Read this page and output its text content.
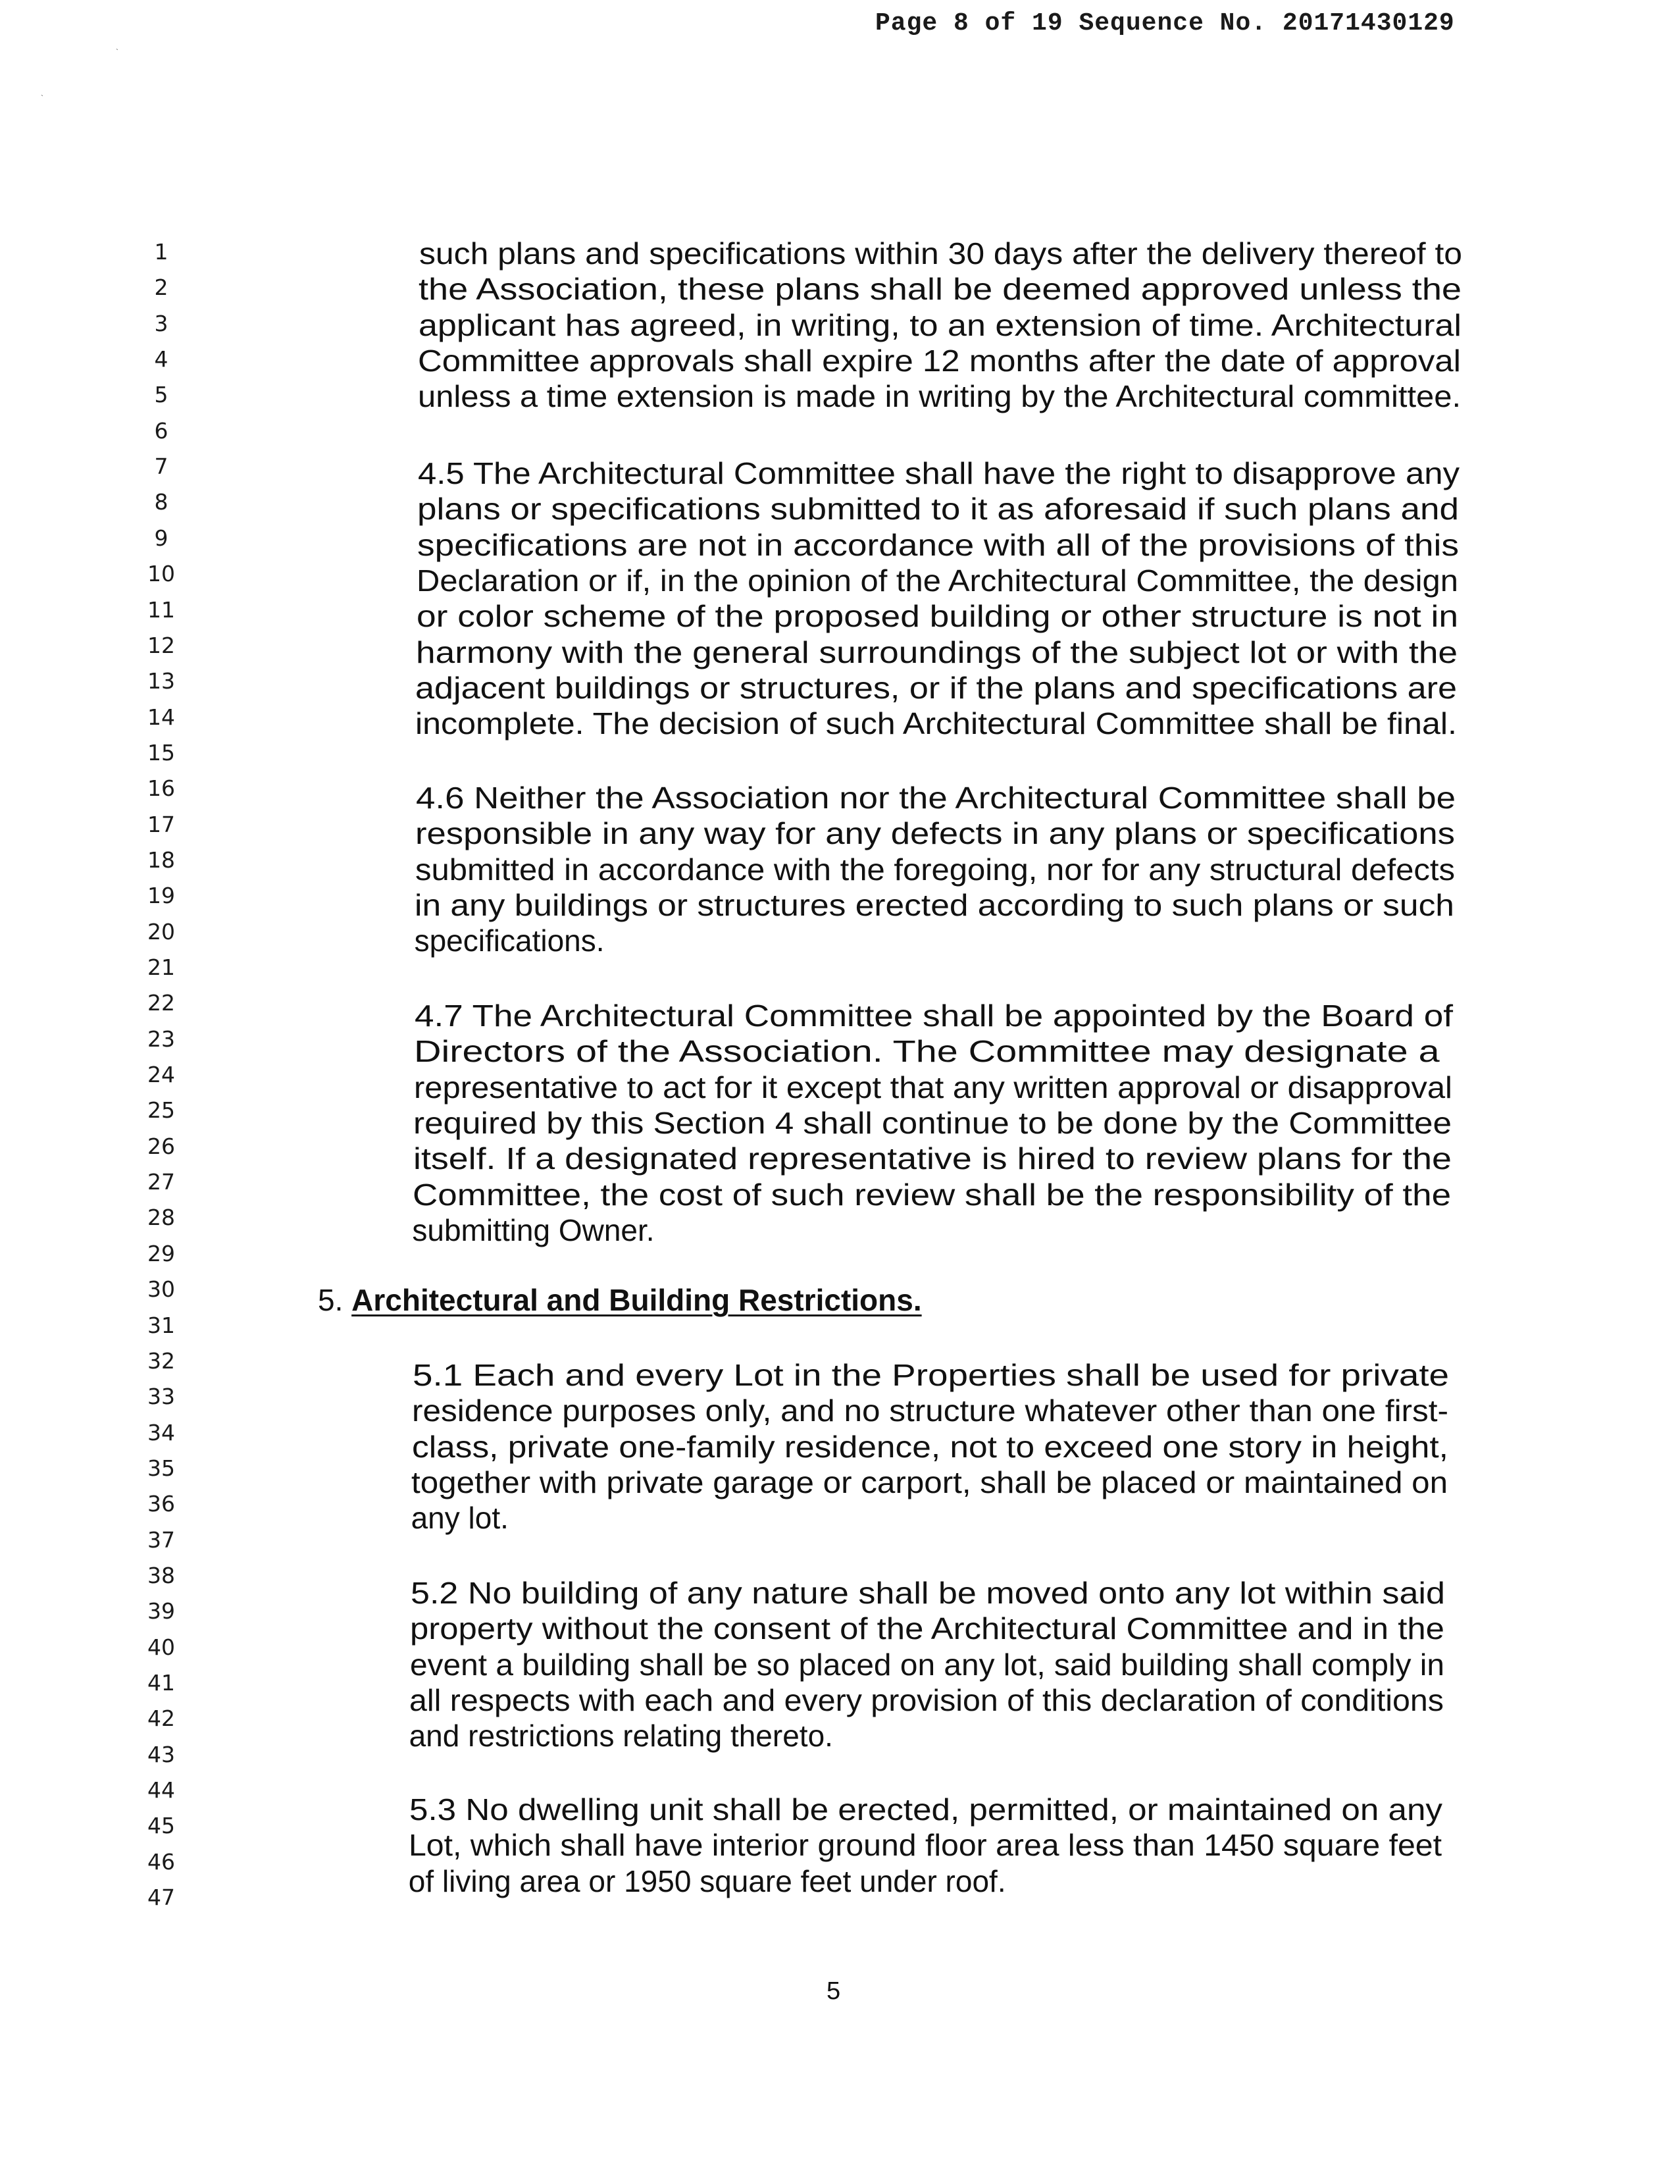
Page 8 of 19 Sequence No. 20171430129
`
`
1
2
3
4
5
6
7
8
9
10
11
12
13
14
15
16
17
18
19
20
21
22
23
24
25
26
27
28
29
30
31
32
33
34
35
36
37
38
39
40
41
42
43
44
45
46
47
such plans and specifications within 30 days after the delivery thereof to
the Association, these plans shall be deemed approved unless the
applicant has agreed, in writing, to an extension of time. Architectural
Committee approvals shall expire 12 months after the date of approval
unless a time extension is made in writing by the Architectural committee.
4.5 The Architectural Committee shall have the right to disapprove any
plans or specifications submitted to it as aforesaid if such plans and
specifications are not in accordance with all of the provisions of this
Declaration or if, in the opinion of the Architectural Committee, the design
or color scheme of the proposed building or other structure is not in
harmony with the general surroundings of the subject lot or with the
adjacent buildings or structures, or if the plans and specifications are
incomplete. The decision of such Architectural Committee shall be final.
4.6 Neither the Association nor the Architectural Committee shall be
responsible in any way for any defects in any plans or specifications
submitted in accordance with the foregoing, nor for any structural defects
in any buildings or structures erected according to such plans or such
specifications.
4.7 The Architectural Committee shall be appointed by the Board of
Directors of the Association. The Committee may designate a
representative to act for it except that any written approval or disapproval
required by this Section 4 shall continue to be done by the Committee
itself. If a designated representative is hired to review plans for the
Committee, the cost of such review shall be the responsibility of the
submitting Owner.
5.1 Each and every Lot in the Properties shall be used for private
residence purposes only, and no structure whatever other than one first-
class, private one-family residence, not to exceed one story in height,
together with private garage or carport, shall be placed or maintained on
any lot.
5.2 No building of any nature shall be moved onto any lot within said
property without the consent of the Architectural Committee and in the
event a building shall be so placed on any lot, said building shall comply in
all respects with each and every provision of this declaration of conditions
and restrictions relating thereto.
5.3 No dwelling unit shall be erected, permitted, or maintained on any
Lot, which shall have interior ground floor area less than 1450 square feet
of living area or 1950 square feet under roof.
5. Architectural and Building Restrictions.
5
